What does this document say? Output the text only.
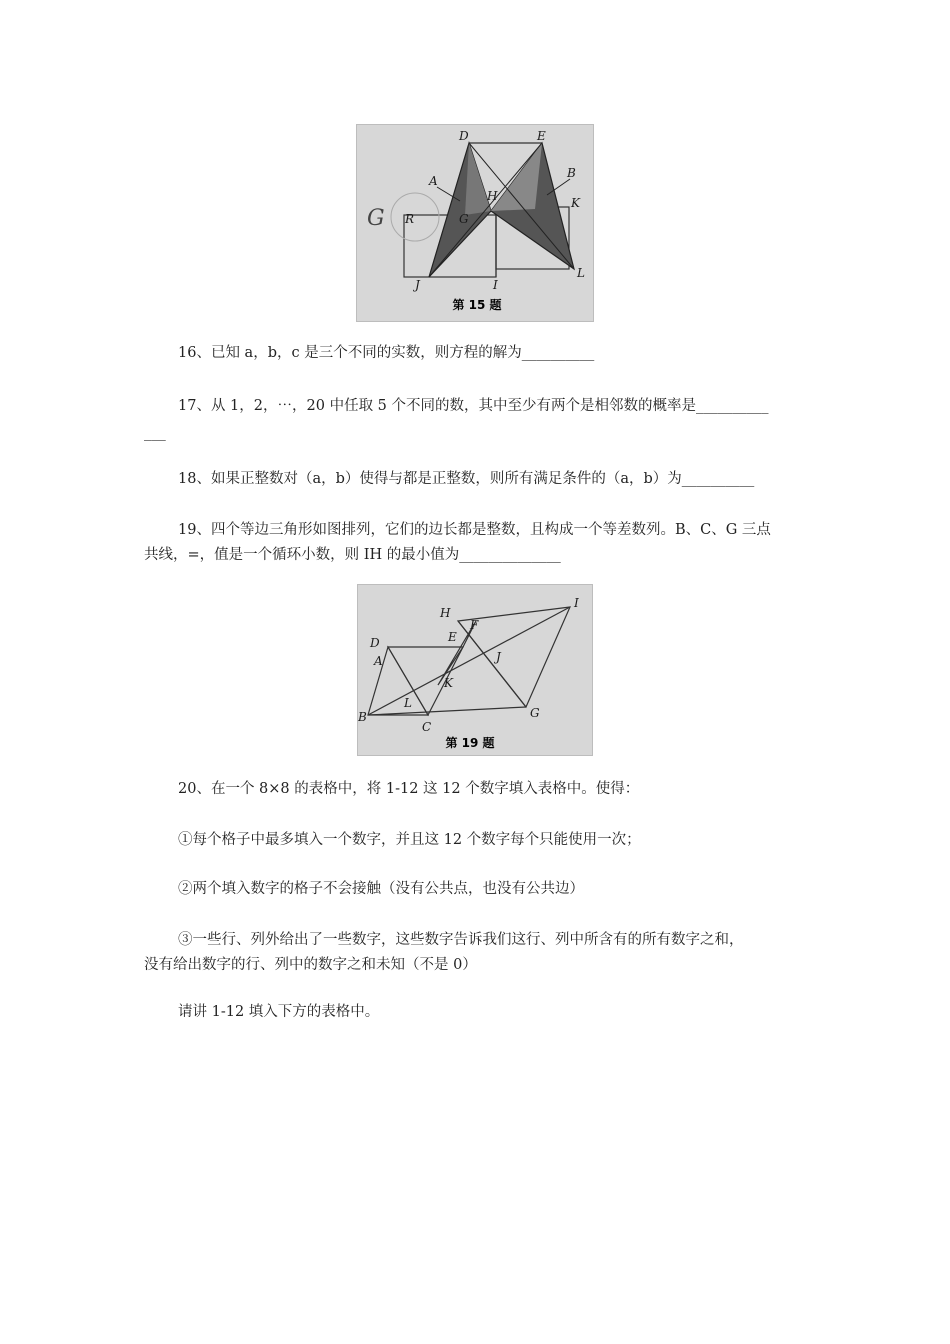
G
D	E
A
B
H	K
R	G
J	I
L
第 15 题
16、已知 a，b，c 是三个不同的实数，则方程的解为__________
17、从 1，2，⋯，20 中任取 5 个不同的数，其中至少有两个是相邻数的概率是__________
___
18、如果正整数对（a，b）使得与都是正整数，则所有满足条件的（a，b）为__________
19、四个等边三角形如图排列，它们的边长都是整数，且构成一个等差数列。B、C、G 三点
共线，=，值是一个循环小数，则 IH 的最小值为______________
H
I
E
F
D
A	J
K
L
B
C
G
第 19 题
20、在一个 8×8 的表格中，将 1-12 这 12 个数字填入表格中。使得：
①每个格子中最多填入一个数字，并且这 12 个数字每个只能使用一次；
②两个填入数字的格子不会接触（没有公共点，也没有公共边）
③一些行、列外给出了一些数字，这些数字告诉我们这行、列中所含有的所有数字之和，
没有给出数字的行、列中的数字之和未知（不是 0）
请讲 1-12 填入下方的表格中。
